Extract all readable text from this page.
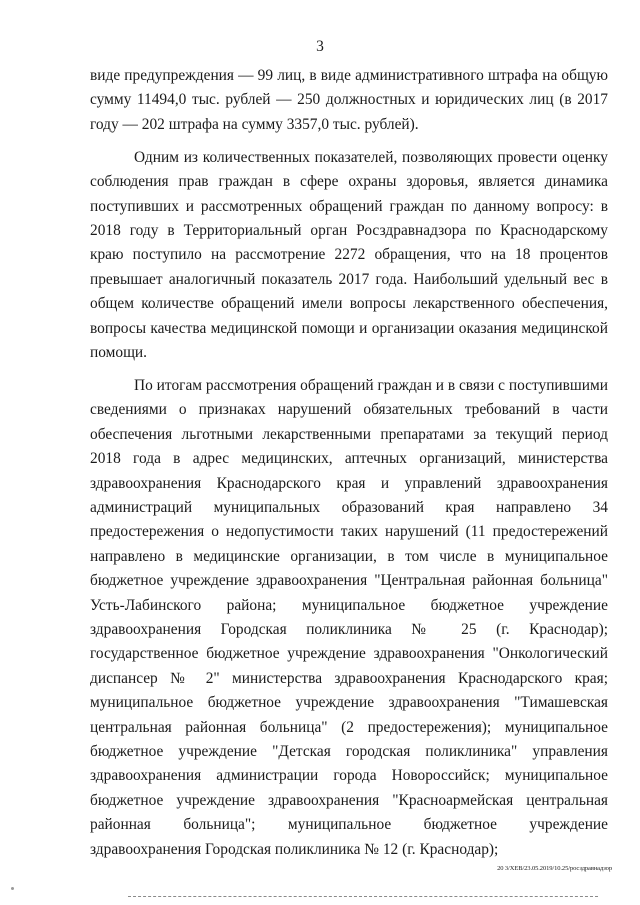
3

виде предупреждения — 99 лиц, в виде административного штрафа на общую сумму 11494,0 тыс. рублей — 250 должностных и юридических лиц (в 2017 году — 202 штрафа на сумму 3357,0 тыс. рублей).

Одним из количественных показателей, позволяющих провести оценку соблюдения прав граждан в сфере охраны здоровья, является динамика поступивших и рассмотренных обращений граждан по данному вопросу: в 2018 году в Территориальный орган Росздравнадзора по Краснодарскому краю поступило на рассмотрение 2272 обращения, что на 18 процентов превышает аналогичный показатель 2017 года. Наибольший удельный вес в общем количестве обращений имели вопросы лекарственного обеспечения, вопросы качества медицинской помощи и организации оказания медицинской помощи.

По итогам рассмотрения обращений граждан и в связи с поступившими сведениями о признаках нарушений обязательных требований в части обеспечения льготными лекарственными препаратами за текущий период 2018 года в адрес медицинских, аптечных организаций, министерства здравоохранения Краснодарского края и управлений здравоохранения администраций муниципальных образований края направлено 34 предостережения о недопустимости таких нарушений (11 предостережений направлено в медицинские организации, в том числе в муниципальное бюджетное учреждение здравоохранения "Центральная районная больница" Усть-Лабинского района; муниципальное бюджетное учреждение здравоохранения Городская поликлиника № 25 (г. Краснодар); государственное бюджетное учреждение здравоохранения "Онкологический диспансер № 2" министерства здравоохранения Краснодарского края; муниципальное бюджетное учреждение здравоохранения "Тимашевская центральная районная больница" (2 предостережения); муниципальное бюджетное учреждение "Детская городская поликлиника" управления здравоохранения администрации города Новороссийск; муниципальное бюджетное учреждение здравоохранения "Красноармейская центральная районная больница"; муниципальное бюджетное учреждение здравоохранения Городская поликлиника № 12 (г. Краснодар);

20 3/ХЕВ/23.05.2019/10.25/росздравнадзор
